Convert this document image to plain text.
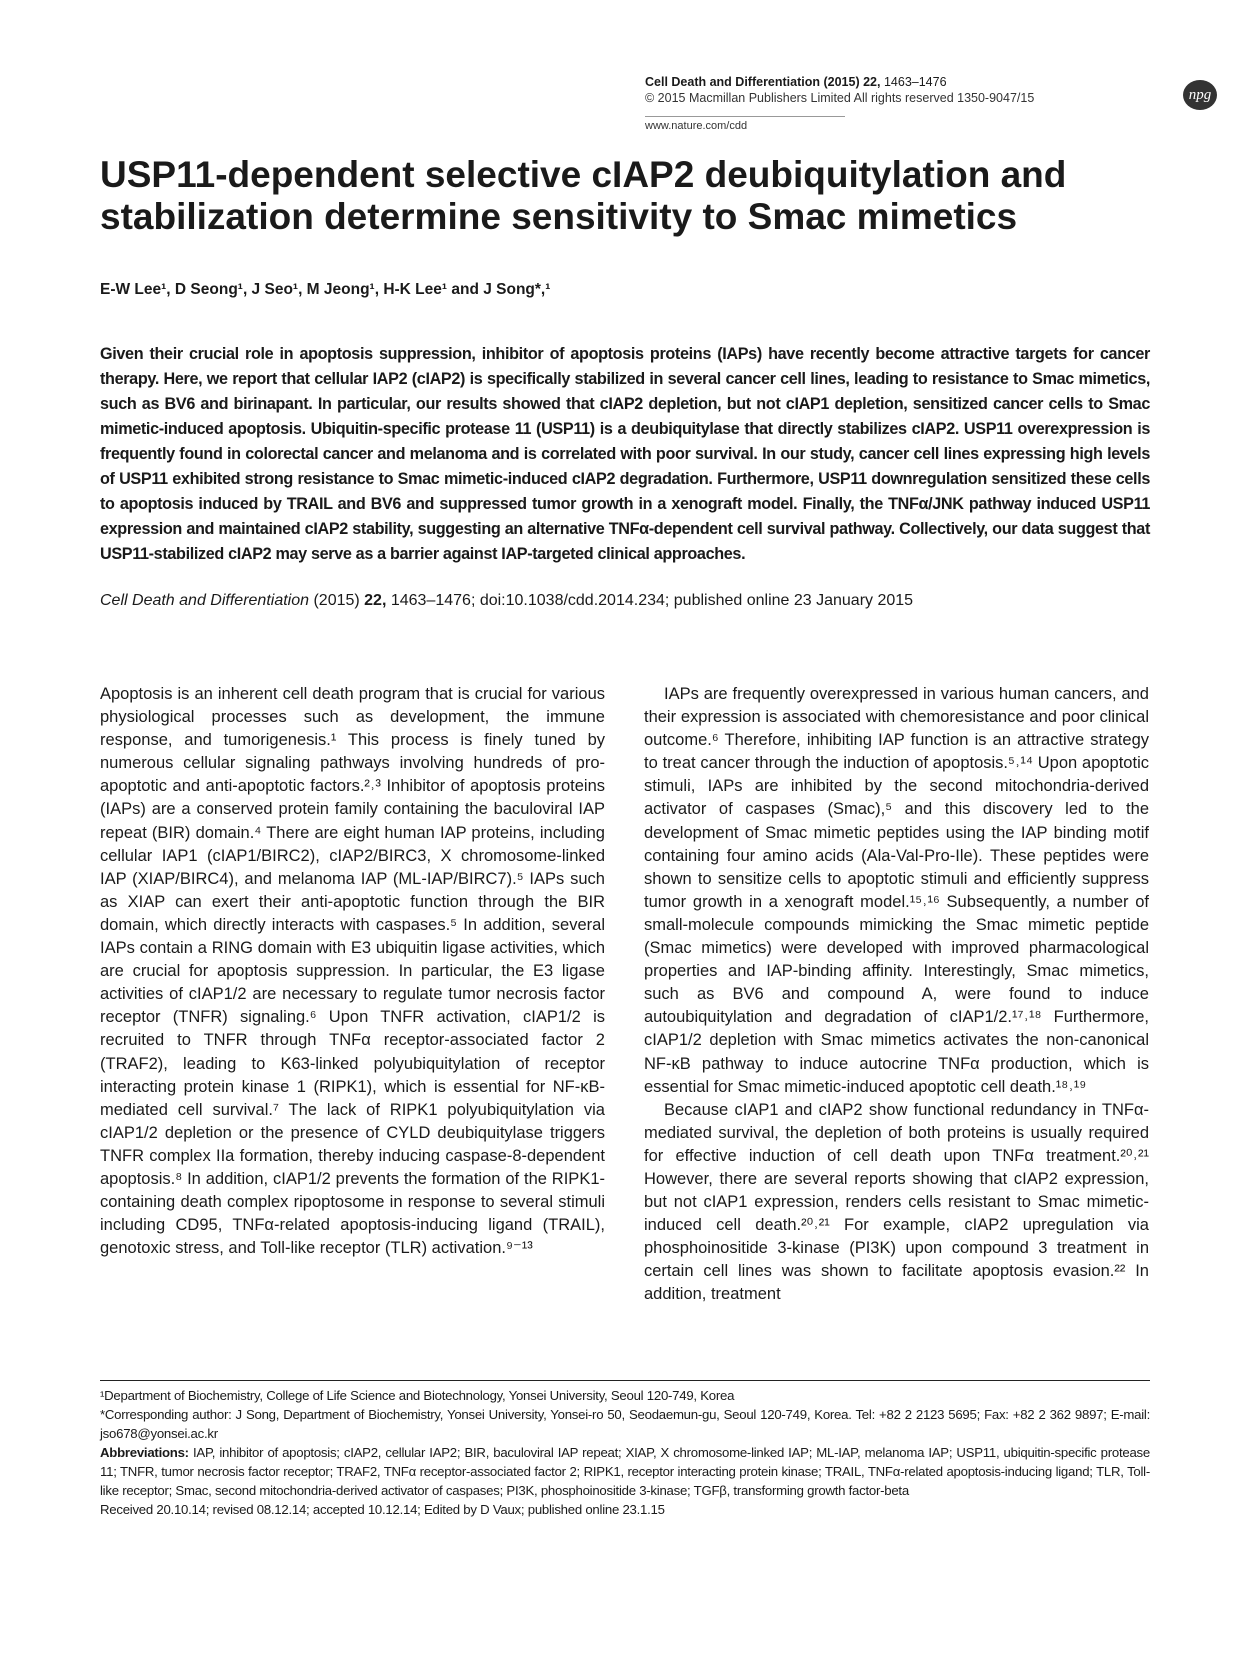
Cell Death and Differentiation (2015) 22, 1463–1476
© 2015 Macmillan Publishers Limited All rights reserved 1350-9047/15
www.nature.com/cdd
npg
USP11-dependent selective cIAP2 deubiquitylation and stabilization determine sensitivity to Smac mimetics
E-W Lee¹, D Seong¹, J Seo¹, M Jeong¹, H-K Lee¹ and J Song*,¹
Given their crucial role in apoptosis suppression, inhibitor of apoptosis proteins (IAPs) have recently become attractive targets for cancer therapy. Here, we report that cellular IAP2 (cIAP2) is specifically stabilized in several cancer cell lines, leading to resistance to Smac mimetics, such as BV6 and birinapant. In particular, our results showed that cIAP2 depletion, but not cIAP1 depletion, sensitized cancer cells to Smac mimetic-induced apoptosis. Ubiquitin-specific protease 11 (USP11) is a deubiquitylase that directly stabilizes cIAP2. USP11 overexpression is frequently found in colorectal cancer and melanoma and is correlated with poor survival. In our study, cancer cell lines expressing high levels of USP11 exhibited strong resistance to Smac mimetic-induced cIAP2 degradation. Furthermore, USP11 downregulation sensitized these cells to apoptosis induced by TRAIL and BV6 and suppressed tumor growth in a xenograft model. Finally, the TNFα/JNK pathway induced USP11 expression and maintained cIAP2 stability, suggesting an alternative TNFα-dependent cell survival pathway. Collectively, our data suggest that USP11-stabilized cIAP2 may serve as a barrier against IAP-targeted clinical approaches.
Cell Death and Differentiation (2015) 22, 1463–1476; doi:10.1038/cdd.2014.234; published online 23 January 2015

Apoptosis is an inherent cell death program that is crucial for various physiological processes such as development, the immune response, and tumorigenesis.¹ This process is finely tuned by numerous cellular signaling pathways involving hundreds of pro-apoptotic and anti-apoptotic factors.²˒³ Inhibitor of apoptosis proteins (IAPs) are a conserved protein family containing the baculoviral IAP repeat (BIR) domain.⁴ There are eight human IAP proteins, including cellular IAP1 (cIAP1/BIRC2), cIAP2/BIRC3, X chromosome-linked IAP (XIAP/BIRC4), and melanoma IAP (ML-IAP/BIRC7).⁵ IAPs such as XIAP can exert their anti-apoptotic function through the BIR domain, which directly interacts with caspases.⁵ In addition, several IAPs contain a RING domain with E3 ubiquitin ligase activities, which are crucial for apoptosis suppression. In particular, the E3 ligase activities of cIAP1/2 are necessary to regulate tumor necrosis factor receptor (TNFR) signaling.⁶ Upon TNFR activation, cIAP1/2 is recruited to TNFR through TNFα receptor-associated factor 2 (TRAF2), leading to K63-linked polyubiquitylation of receptor interacting protein kinase 1 (RIPK1), which is essential for NF-κB-mediated cell survival.⁷ The lack of RIPK1 polyubiquitylation via cIAP1/2 depletion or the presence of CYLD deubiquitylase triggers TNFR complex IIa formation, thereby inducing caspase-8-dependent apoptosis.⁸ In addition, cIAP1/2 prevents the formation of the RIPK1-containing death complex ripoptosome in response to several stimuli including CD95, TNFα-related apoptosis-inducing ligand (TRAIL), genotoxic stress, and Toll-like receptor (TLR) activation.⁹⁻¹³

IAPs are frequently overexpressed in various human cancers, and their expression is associated with chemoresistance and poor clinical outcome.⁶ Therefore, inhibiting IAP function is an attractive strategy to treat cancer through the induction of apoptosis.⁵˒¹⁴ Upon apoptotic stimuli, IAPs are inhibited by the second mitochondria-derived activator of caspases (Smac),⁵ and this discovery led to the development of Smac mimetic peptides using the IAP binding motif containing four amino acids (Ala-Val-Pro-Ile). These peptides were shown to sensitize cells to apoptotic stimuli and efficiently suppress tumor growth in a xenograft model.¹⁵˒¹⁶ Subsequently, a number of small-molecule compounds mimicking the Smac mimetic peptide (Smac mimetics) were developed with improved pharmacological properties and IAP-binding affinity. Interestingly, Smac mimetics, such as BV6 and compound A, were found to induce autoubiquitylation and degradation of cIAP1/2.¹⁷˒¹⁸ Furthermore, cIAP1/2 depletion with Smac mimetics activates the non-canonical NF-κB pathway to induce autocrine TNFα production, which is essential for Smac mimetic-induced apoptotic cell death.¹⁸˒¹⁹

Because cIAP1 and cIAP2 show functional redundancy in TNFα-mediated survival, the depletion of both proteins is usually required for effective induction of cell death upon TNFα treatment.²⁰˒²¹ However, there are several reports showing that cIAP2 expression, but not cIAP1 expression, renders cells resistant to Smac mimetic-induced cell death.²⁰˒²¹ For example, cIAP2 upregulation via phosphoinositide 3-kinase (PI3K) upon compound 3 treatment in certain cell lines was shown to facilitate apoptosis evasion.²² In addition, treatment

¹Department of Biochemistry, College of Life Science and Biotechnology, Yonsei University, Seoul 120-749, Korea

*Corresponding author: J Song, Department of Biochemistry, Yonsei University, Yonsei-ro 50, Seodaemun-gu, Seoul 120-749, Korea. Tel: +82 2 2123 5695; Fax: +82 2 362 9897; E-mail: jso678@yonsei.ac.kr

Abbreviations: IAP, inhibitor of apoptosis; cIAP2, cellular IAP2; BIR, baculoviral IAP repeat; XIAP, X chromosome-linked IAP; ML-IAP, melanoma IAP; USP11, ubiquitin-specific protease 11; TNFR, tumor necrosis factor receptor; TRAF2, TNFα receptor-associated factor 2; RIPK1, receptor interacting protein kinase; TRAIL, TNFα-related apoptosis-inducing ligand; TLR, Toll-like receptor; Smac, second mitochondria-derived activator of caspases; PI3K, phosphoinositide 3-kinase; TGFβ, transforming growth factor-beta

Received 20.10.14; revised 08.12.14; accepted 10.12.14; Edited by D Vaux; published online 23.1.15
